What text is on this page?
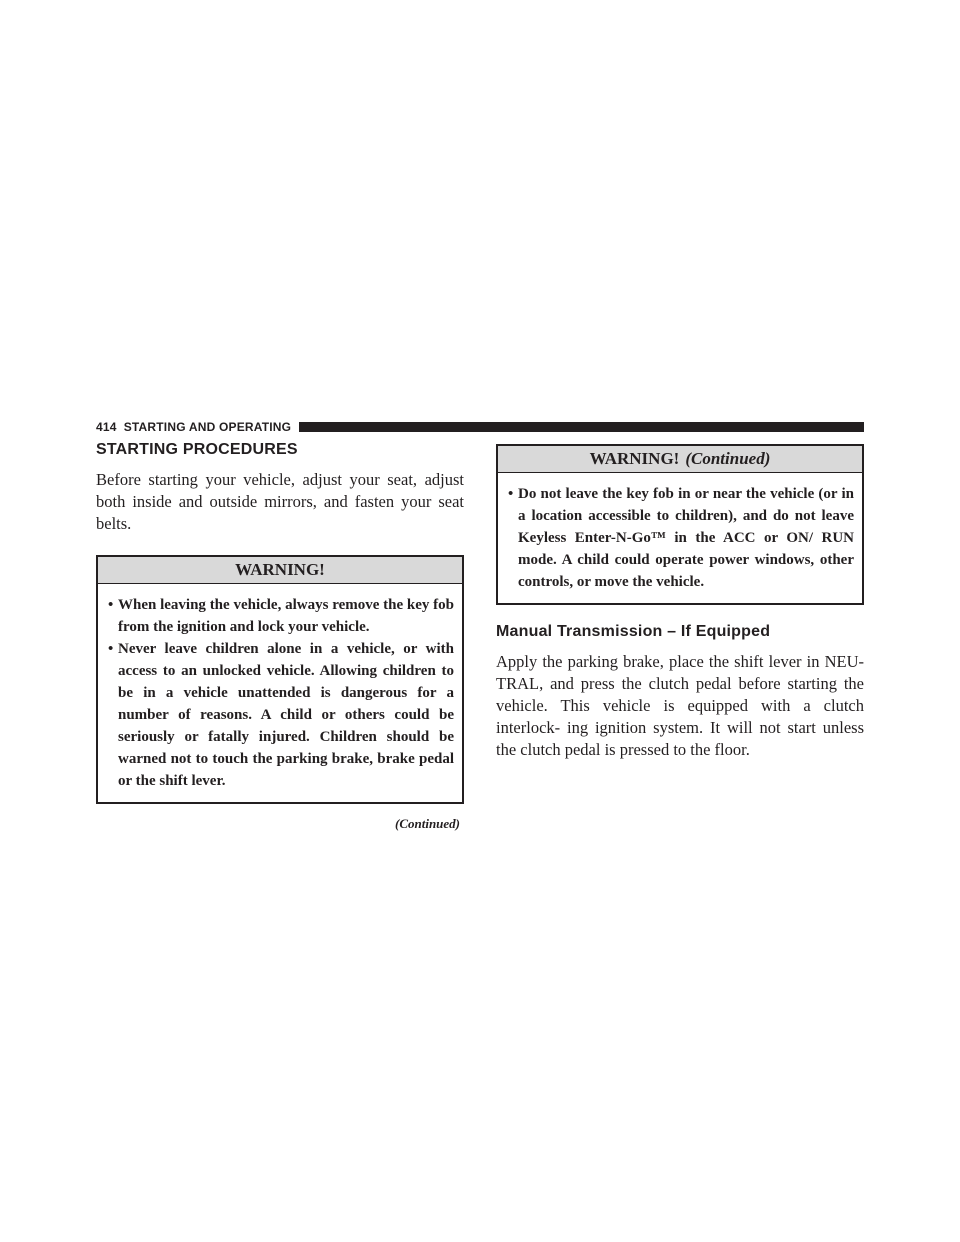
414 STARTING AND OPERATING
STARTING PROCEDURES

Before starting your vehicle, adjust your seat, adjust both inside and outside mirrors, and fasten your seat belts.

WARNING!
• When leaving the vehicle, always remove the key fob from the ignition and lock your vehicle.
• Never leave children alone in a vehicle, or with access to an unlocked vehicle. Allowing children to be in a vehicle unattended is dangerous for a number of reasons. A child or others could be seriously or fatally injured. Children should be warned not to touch the parking brake, brake pedal or the shift lever.
(Continued)
WARNING! (Continued)
• Do not leave the key fob in or near the vehicle (or in a location accessible to children), and do not leave Keyless Enter-N-Go™ in the ACC or ON/ RUN mode. A child could operate power windows, other controls, or move the vehicle.
Manual Transmission – If Equipped

Apply the parking brake, place the shift lever in NEU- TRAL, and press the clutch pedal before starting the vehicle. This vehicle is equipped with a clutch interlock- ing ignition system. It will not start unless the clutch pedal is pressed to the floor.
